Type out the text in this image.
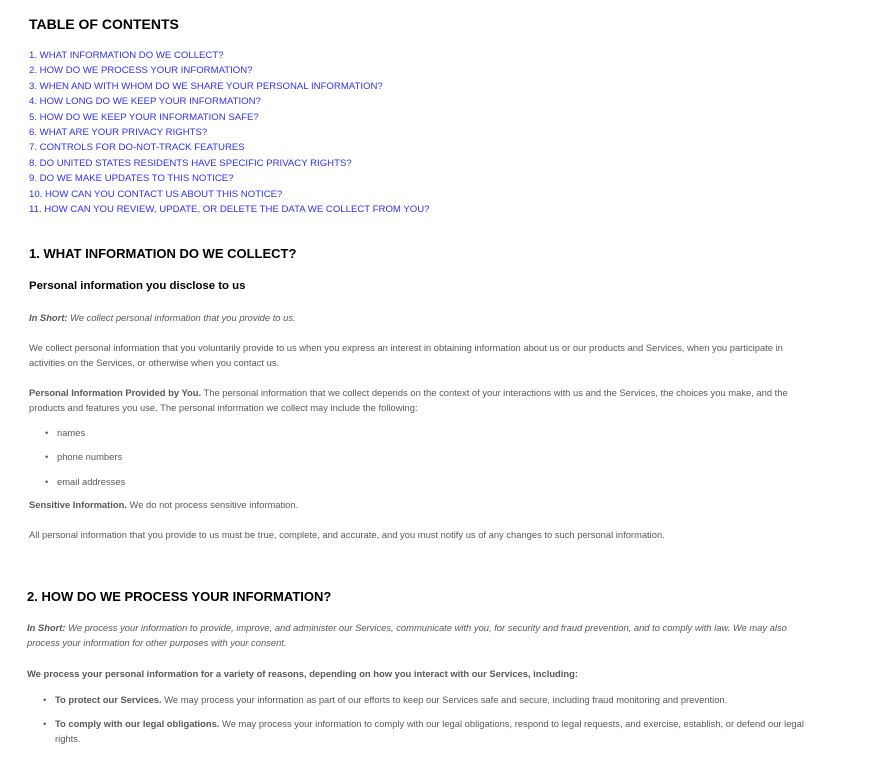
TABLE OF CONTENTS
1. WHAT INFORMATION DO WE COLLECT?
2. HOW DO WE PROCESS YOUR INFORMATION?
3. WHEN AND WITH WHOM DO WE SHARE YOUR PERSONAL INFORMATION?
4. HOW LONG DO WE KEEP YOUR INFORMATION?
5. HOW DO WE KEEP YOUR INFORMATION SAFE?
6. WHAT ARE YOUR PRIVACY RIGHTS?
7. CONTROLS FOR DO-NOT-TRACK FEATURES
8. DO UNITED STATES RESIDENTS HAVE SPECIFIC PRIVACY RIGHTS?
9. DO WE MAKE UPDATES TO THIS NOTICE?
10. HOW CAN YOU CONTACT US ABOUT THIS NOTICE?
11. HOW CAN YOU REVIEW, UPDATE, OR DELETE THE DATA WE COLLECT FROM YOU?
1. WHAT INFORMATION DO WE COLLECT?
Personal information you disclose to us

In Short: We collect personal information that you provide to us.

We collect personal information that you voluntarily provide to us when you express an interest in obtaining information about us or our products and Services, when you participate in activities on the Services, or otherwise when you contact us.

Personal Information Provided by You. The personal information that we collect depends on the context of your interactions with us and the Services, the choices you make, and the products and features you use. The personal information we collect may include the following:

• names
• phone numbers
• email addresses

Sensitive Information. We do not process sensitive information.

All personal information that you provide to us must be true, complete, and accurate, and you must notify us of any changes to such personal information.

2. HOW DO WE PROCESS YOUR INFORMATION?

In Short: We process your information to provide, improve, and administer our Services, communicate with you, for security and fraud prevention, and to comply with law. We may also process your information for other purposes with your consent.

We process your personal information for a variety of reasons, depending on how you interact with our Services, including:

• To protect our Services. We may process your information as part of our efforts to keep our Services safe and secure, including fraud monitoring and prevention.
• To comply with our legal obligations. We may process your information to comply with our legal obligations, respond to legal requests, and exercise, establish, or defend our legal rights.
